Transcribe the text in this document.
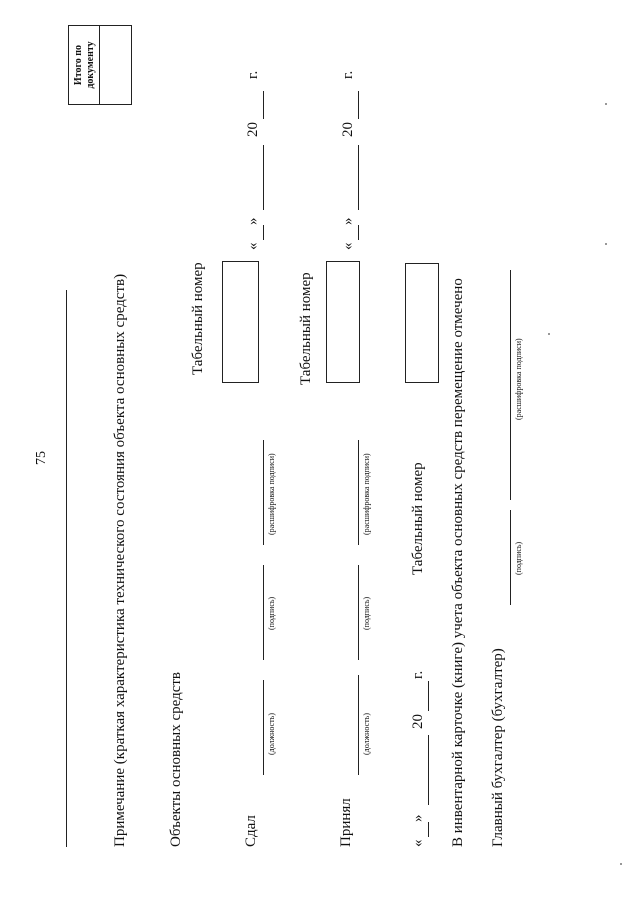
75
Итого по документу
Примечание (краткая характеристика технического состояния объекта основных средств)	Объекты основных средств
Табельный номер
Сдал
(должность)
(подпись)
(расшифровка подписи)
«
»
20
г.
Табельный номер
Принял
(должность)
(подпись)
(расшифровка подписи)
«
»
20
г.
«
»
20
г.
Табельный номер В инвентарной карточке (книге) учета объекта основных средств перемещение отмечено Главный бухгалтер (бухгалтер)
(подпись)
(расшифровка подписи)
